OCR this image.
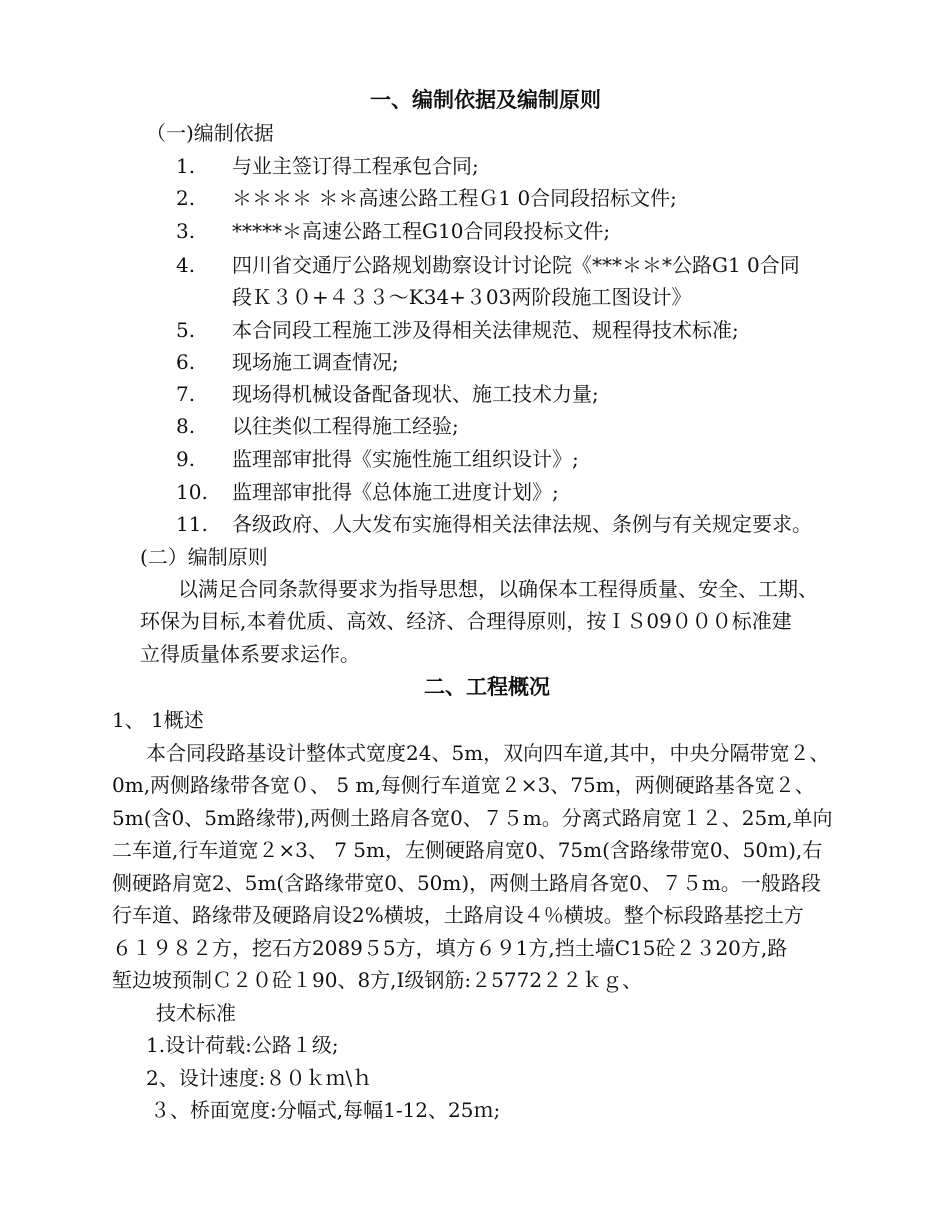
一、编制依据及编制原则
（一)编制依据
1. 与业主签订得工程承包合同;
2. ＊＊＊＊ ＊＊高速公路工程Ｇ1 0合同段招标文件;
3. *****＊高速公路工程G10合同段投标文件;
4. 四川省交通厅公路规划勘察设计讨论院《***＊＊*公路G1 0合同
段Ｋ３０+４３３～K34+３03两阶段施工图设计》
5. 本合同段工程施工涉及得相关法律规范、规程得技术标准;
6. 现场施工调查情况;
7. 现场得机械设备配备现状、施工技术力量;
8. 以往类似工程得施工经验;
9. 监理部审批得《实施性施工组织设计》;
10. 监理部审批得《总体施工进度计划》;
11. 各级政府、人大发布实施得相关法律法规、条例与有关规定要求。
(二）编制原则
以满足合同条款得要求为指导思想，以确保本工程得质量、安全、工期、
环保为目标,本着优质、高效、经济、合理得原则，按ＩＳ09０００标准建
立得质量体系要求运作。
二、工程概况
1、 1概述
本合同段路基设计整体式宽度24、5m，双向四车道,其中，中央分隔带宽２、
0m,两侧路缘带各宽０、 5 m,每侧行车道宽２×3、75m，两侧硬路基各宽２、
5m(含0、5m路缘带),两侧土路肩各宽0、７５m。分离式路肩宽１２、25m,单向
二车道,行车道宽２×3、 7 5m，左侧硬路肩宽0、75m(含路缘带宽0、50ｍ),右
侧硬路肩宽2、5m(含路缘带宽0、50m)，两侧土路肩各宽0、７５m。一般路段
行车道、路缘带及硬路肩设2%横坡，土路肩设４％横坡。整个标段路基挖土方
６１９８２方，挖石方2089５5方，填方６９1方,挡土墙C15砼２３20方,路
堑边坡预制Ｃ２０砼１90、8方,Ⅰ级钢筋:２5772２２ｋｇ、
技术标准
1.设计荷载:公路１级;
2、设计速度:８０ｋｍ\ｈ
３、桥面宽度:分幅式,每幅1-12、25ｍ;
